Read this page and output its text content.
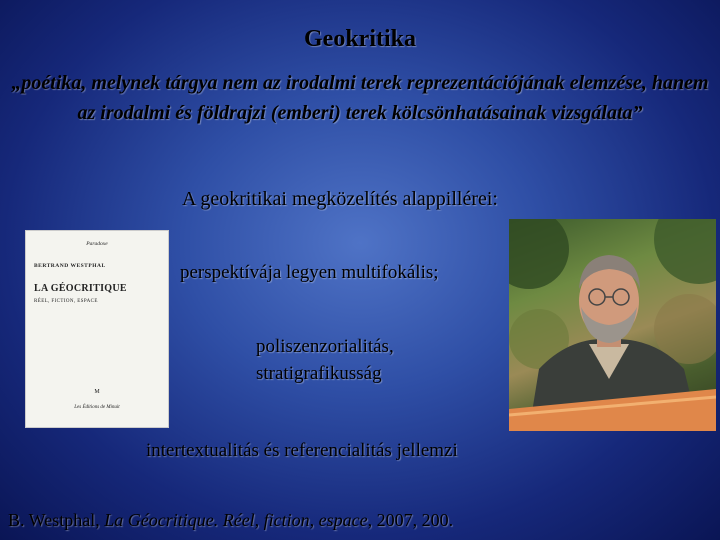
Geokritika
„poétika, melynek tárgya nem az irodalmi terek reprezentációjának elemzése, hanem az irodalmi és földrajzi (emberi) terek kölcsönhatásainak vizsgálata”
A geokritikai megközelítés alappillérei:
Paradoxe
BERTRAND WESTPHAL
LA GÉOCRITIQUE
RÉEL, FICTION, ESPACE
M
Les Éditions de Minuit
perspektívája legyen multifokális;
poliszenzorialitás, stratigrafikusság
intertextualitás és referencialitás jellemzi
B. Westphal, La Géocritique. Réel, fiction, espace, 2007, 200.
